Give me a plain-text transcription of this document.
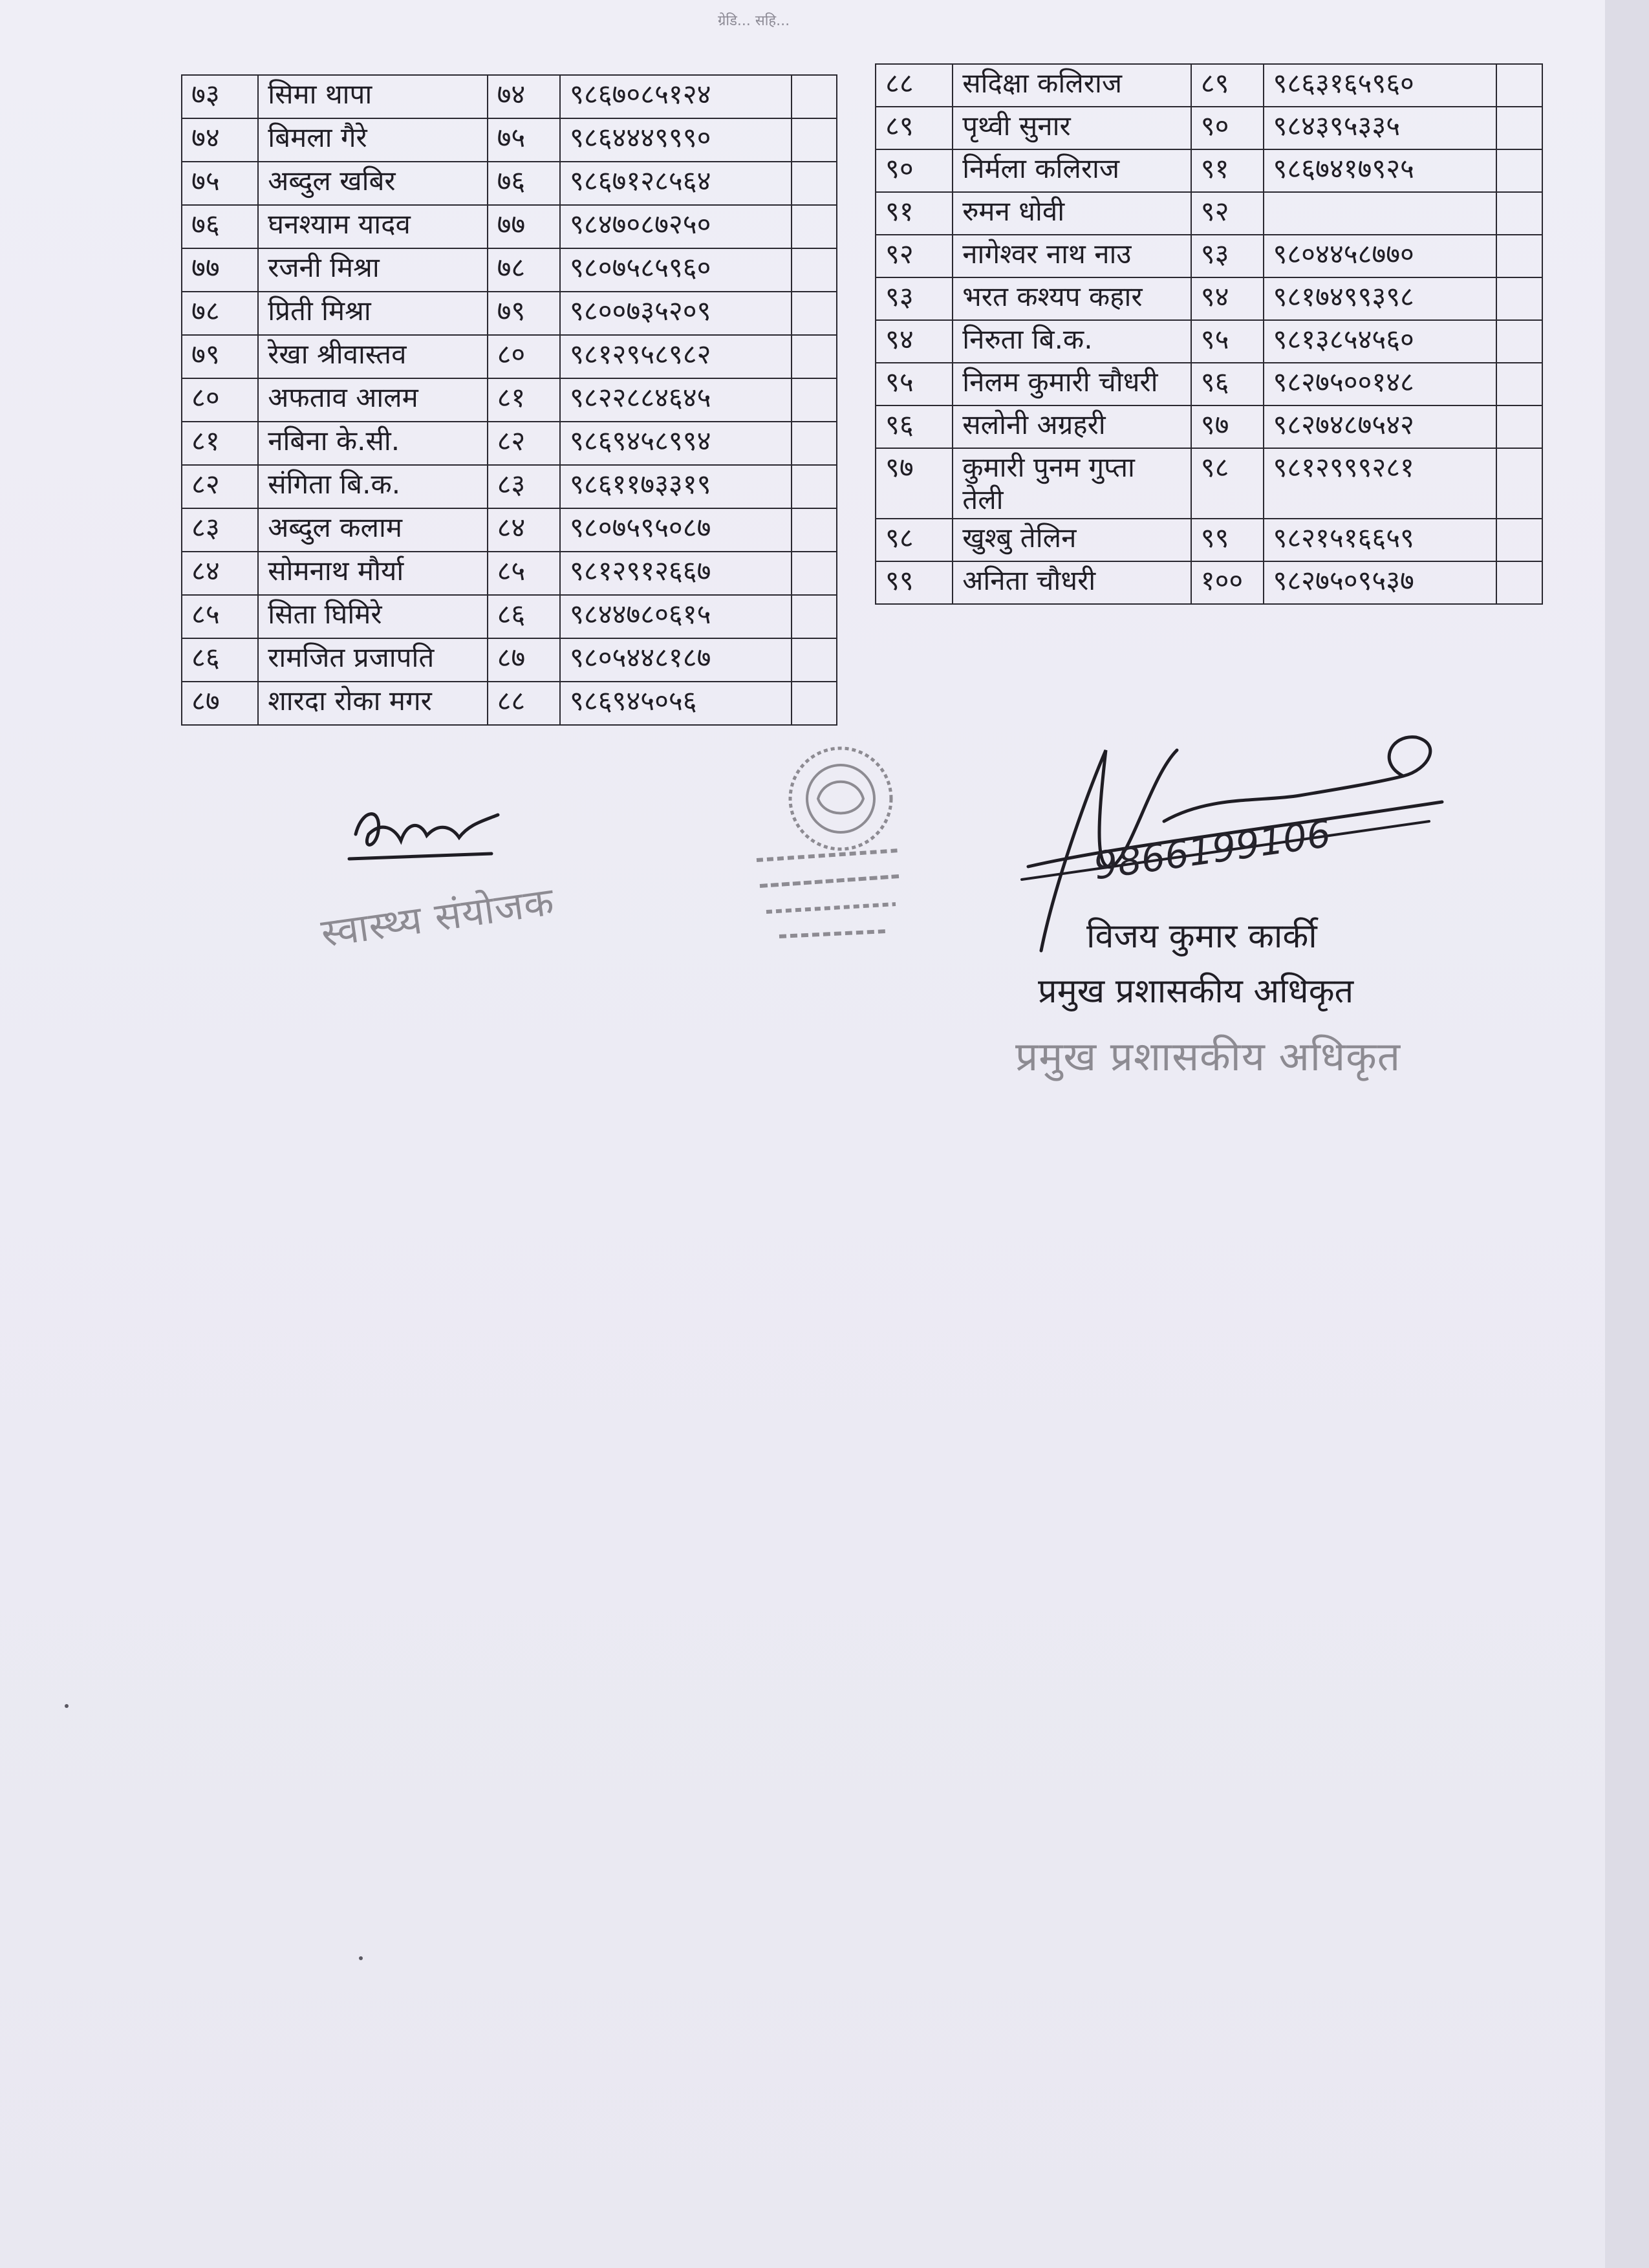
ग्रेडि... सहि...
७३	सिमा थापा	७४	९८६७०८५१२४	
७४	बिमला गैरे	७५	९८६४४४९९९०	
७५	अब्दुल खबिर	७६	९८६७१२८५६४	
७६	घनश्याम यादव	७७	९८४७०८७२५०	
७७	रजनी मिश्रा	७८	९८०७५८५९६०	
७८	प्रिती मिश्रा	७९	९८००७३५२०९	
७९	रेखा श्रीवास्तव	८०	९८१२९५८९८२	
८०	अफताव आलम	८१	९८२२८८४६४५	
८१	नबिना के.सी.	८२	९८६९४५८९९४	
८२	संगिता बि.क.	८३	९८६११७३३१९	
८३	अब्दुल कलाम	८४	९८०७५९५०८७	
८४	सोमनाथ मौर्या	८५	९८१२९१२६६७	
८५	सिता घिमिरे	८६	९८४४७८०६१५	
८६	रामजित प्रजापति	८७	९८०५४४८१८७	
८७	शारदा रोका मगर	८८	९८६९४५०५६	
८८	सदिक्षा कलिराज	८९	९८६३१६५९६०	
८९	पृथ्वी सुनार	९०	९८४३९५३३५	
९०	निर्मला कलिराज	९१	९८६७४१७९२५	
९१	रुमन धोवी	९२		
९२	नागेश्वर नाथ नाउ	९३	९८०४४५८७७०	
९३	भरत कश्यप कहार	९४	९८१७४९९३९८	
९४	निरुता बि.क.	९५	९८१३८५४५६०	
९५	निलम कुमारी चौधरी	९६	९८२७५००१४८	
९६	सलोनी अग्रहरी	९७	९८२७४८७५४२	
९७	कुमारी पुनम गुप्ता तेली	९८	९८१२९९९२८१	
९८	खुश्बु तेलिन	९९	९८२१५१६६५९	
९९	अनिता चौधरी	१००	९८२७५०९५३७	
स्वास्थ्य संयोजक
9866199106
विजय कुमार कार्की
प्रमुख प्रशासकीय अधिकृत
प्रमुख प्रशासकीय अधिकृत
